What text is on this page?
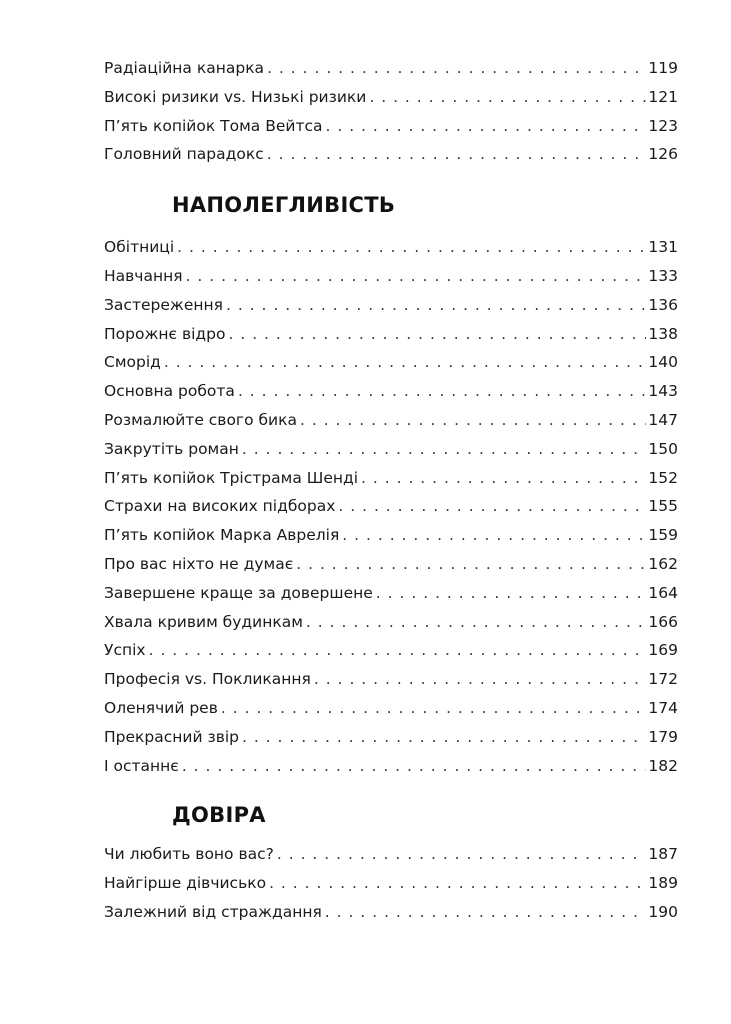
Радіаційна канарка . . .	119
Високі ризики vs. Низькі ризики . . .	121
П’ять копійок Тома Вейтса . . .	123
Головний парадокс . . .	126
НАПОЛЕГЛИВІСТЬ
Обітниці . . .	131
Навчання . . .	133
Застереження . . .	136
Порожнє відро . . .	138
Сморід . . .	140
Основна робота . . .	143
Розмалюйте свого бика . . .	147
Закрутіть роман . . .	150
П’ять копійок Трістрама Шенді . . .	152
Страхи на високих підборах . . .	155
П’ять копійок Марка Аврелія . . .	159
Про вас ніхто не думає . . .	162
Завершене краще за довершене . . .	164
Хвала кривим будинкам . . .	166
Успіх . . .	169
Професія vs. Покликання . . .	172
Оленячий рев . . .	174
Прекрасний звір . . .	179
І останнє . . .	182
ДОВІРА
Чи любить воно вас? . . .	187
Найгірше дівчисько . . .	189
Залежний від страждання . . .	190
